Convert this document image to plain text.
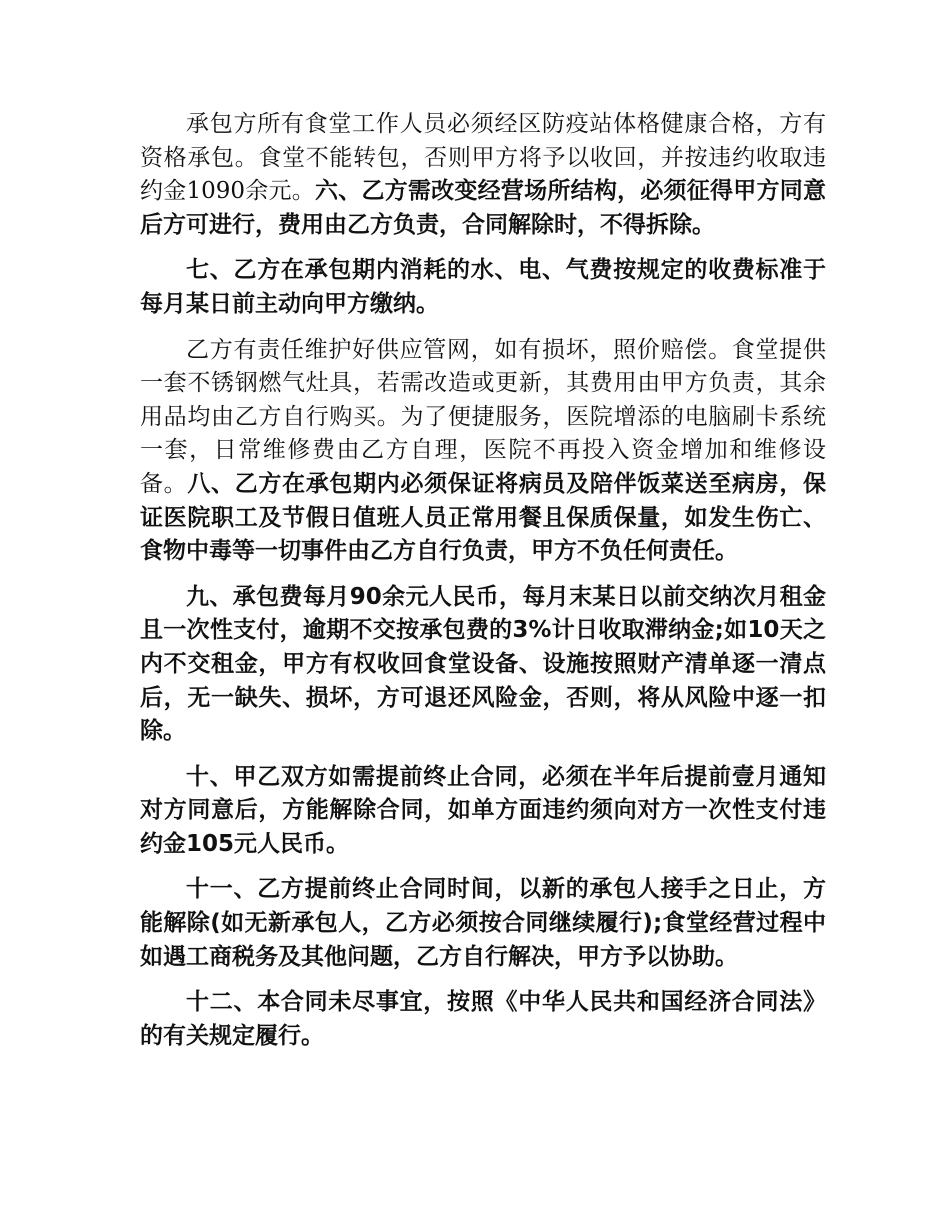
承包方所有食堂工作人员必须经区防疫站体格健康合格，方有资格承包。食堂不能转包，否则甲方将予以收回，并按违约收取违约金1090余元。六、乙方需改变经营场所结构，必须征得甲方同意后方可进行，费用由乙方负责，合同解除时，不得拆除。

七、乙方在承包期内消耗的水、电、气费按规定的收费标准于每月某日前主动向甲方缴纳。

乙方有责任维护好供应管网，如有损坏，照价赔偿。食堂提供一套不锈钢燃气灶具，若需改造或更新，其费用由甲方负责，其余用品均由乙方自行购买。为了便捷服务，医院增添的电脑刷卡系统一套，日常维修费由乙方自理，医院不再投入资金增加和维修设备。八、乙方在承包期内必须保证将病员及陪伴饭菜送至病房，保证医院职工及节假日值班人员正常用餐且保质保量，如发生伤亡、食物中毒等一切事件由乙方自行负责，甲方不负任何责任。

九、承包费每月90余元人民币，每月末某日以前交纳次月租金且一次性支付，逾期不交按承包费的3%计日收取滞纳金;如10天之内不交租金，甲方有权收回食堂设备、设施按照财产清单逐一清点后，无一缺失、损坏，方可退还风险金，否则，将从风险中逐一扣除。

十、甲乙双方如需提前终止合同，必须在半年后提前壹月通知对方同意后，方能解除合同，如单方面违约须向对方一次性支付违约金105元人民币。

十一、乙方提前终止合同时间，以新的承包人接手之日止，方能解除(如无新承包人，乙方必须按合同继续履行);食堂经营过程中如遇工商税务及其他问题，乙方自行解决，甲方予以协助。

十二、本合同未尽事宜，按照《中华人民共和国经济合同法》的有关规定履行。
